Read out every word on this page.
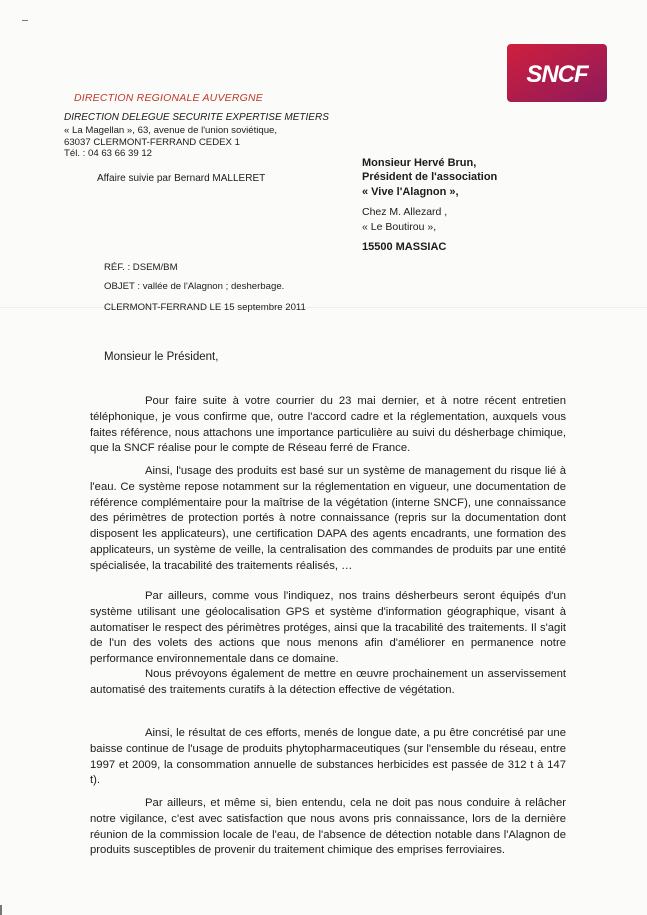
SNCF
DIRECTION REGIONALE AUVERGNE
DIRECTION DELEGUE SECURITE EXPERTISE METIERS
« La Magellan », 63, avenue de l'union soviétique,
63037 CLERMONT-FERRAND CEDEX 1
Tél. : 04 63 66 39 12
Affaire suivie par Bernard MALLERET
Monsieur Hervé Brun,
Président de l'association
« Vive l'Alagnon »,
Chez M. Allezard ,
« Le Boutirou »,
15500 MASSIAC
RÉF. : DSEM/BM
OBJET : vallée de l'Alagnon ; desherbage.
CLERMONT-FERRAND LE 15 septembre 2011
Monsieur le Président,

Pour faire suite à votre courrier du 23 mai dernier, et à notre récent entretien téléphonique, je vous confirme que, outre l'accord cadre et la réglementation, auxquels vous faites référence, nous attachons une importance particulière au suivi du désherbage chimique, que la SNCF réalise pour le compte de Réseau ferré de France.

Ainsi, l'usage des produits est basé sur un système de management du risque lié à l'eau. Ce système repose notamment sur la réglementation en vigueur, une documentation de référence complémentaire pour la maîtrise de la végétation (interne SNCF), une connaissance des périmètres de protection portés à notre connaissance (repris sur la documentation dont disposent les applicateurs), une certification DAPA des agents encadrants, une formation des applicateurs, un système de veille, la centralisation des commandes de produits par une entité spécialisée, la tracabilité des traitements réalisés, …

Par ailleurs, comme vous l'indiquez, nos trains désherbeurs seront équipés d'un système utilisant une géolocalisation GPS et système d'information géographique, visant à automatiser le respect des périmètres protéges, ainsi que la tracabilité des traitements. Il s'agit de l'un des volets des actions que nous menons afin d'améliorer en permanence notre performance environnementale dans ce domaine.

Nous prévoyons également de mettre en œuvre prochainement un asservissement automatisé des traitements curatifs à la détection effective de végétation.

Ainsi, le résultat de ces efforts, menés de longue date, a pu être concrétisé par une baisse continue de l'usage de produits phytopharmaceutiques (sur l'ensemble du réseau, entre 1997 et 2009, la consommation annuelle de substances herbicides est passée de 312 t à 147 t).

Par ailleurs, et même si, bien entendu, cela ne doit pas nous conduire à relâcher notre vigilance, c'est avec satisfaction que nous avons pris connaissance, lors de la dernière réunion de la commission locale de l'eau, de l'absence de détection notable dans l'Alagnon de produits susceptibles de provenir du traitement chimique des emprises ferroviaires.
